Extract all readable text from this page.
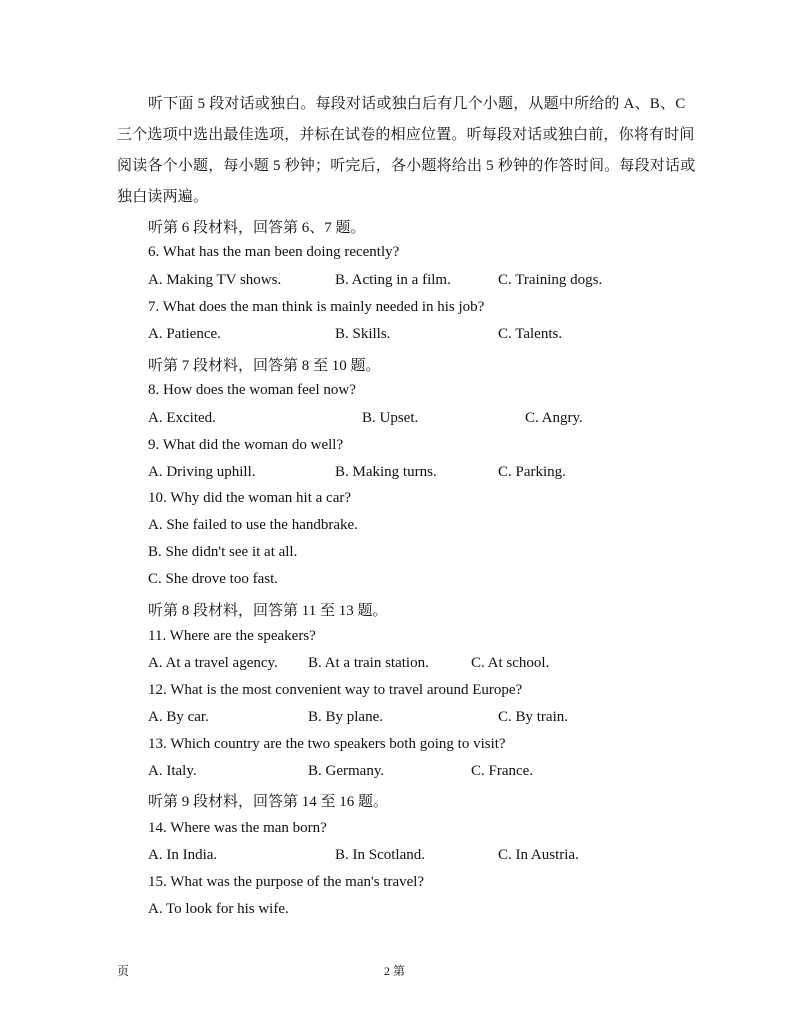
听下面 5 段对话或独白。每段对话或独白后有几个小题，从题中所给的 A、B、C 三个选项中选出最佳选项，并标在试卷的相应位置。听每段对话或独白前，你将有时间阅读各个小题，每小题 5 秒钟；听完后，各小题将给出 5 秒钟的作答时间。每段对话或独白读两遍。
听第 6 段材料，回答第 6、7 题。
6. What has the man been doing recently?
A. Making TV shows.	B. Acting in a film.	C. Training dogs.
7. What does the man think is mainly needed in his job?
A. Patience.	B. Skills.	C. Talents.
听第 7 段材料，回答第 8 至 10 题。
8. How does the woman feel now?
A. Excited.	B. Upset.	C. Angry.
9. What did the woman do well?
A. Driving uphill.	B. Making turns.	C. Parking.
10. Why did the woman hit a car?
A. She failed to use the handbrake.
B. She didn't see it at all.
C. She drove too fast.
听第 8 段材料，回答第 11 至 13 题。
11. Where are the speakers?
A. At a travel agency. B. At a train station.	C. At school.
12. What is the most convenient way to travel around Europe?
A. By car.	B. By plane.	C. By train.
13. Which country are the two speakers both going to visit?
A. Italy.	B. Germany.	C. France.
听第 9 段材料，回答第 14 至 16 题。
14. Where was the man born?
A. In India.	B. In Scotland.	C. In Austria.
15. What was the purpose of the man's travel?
A. To look for his wife.
页	2 第
